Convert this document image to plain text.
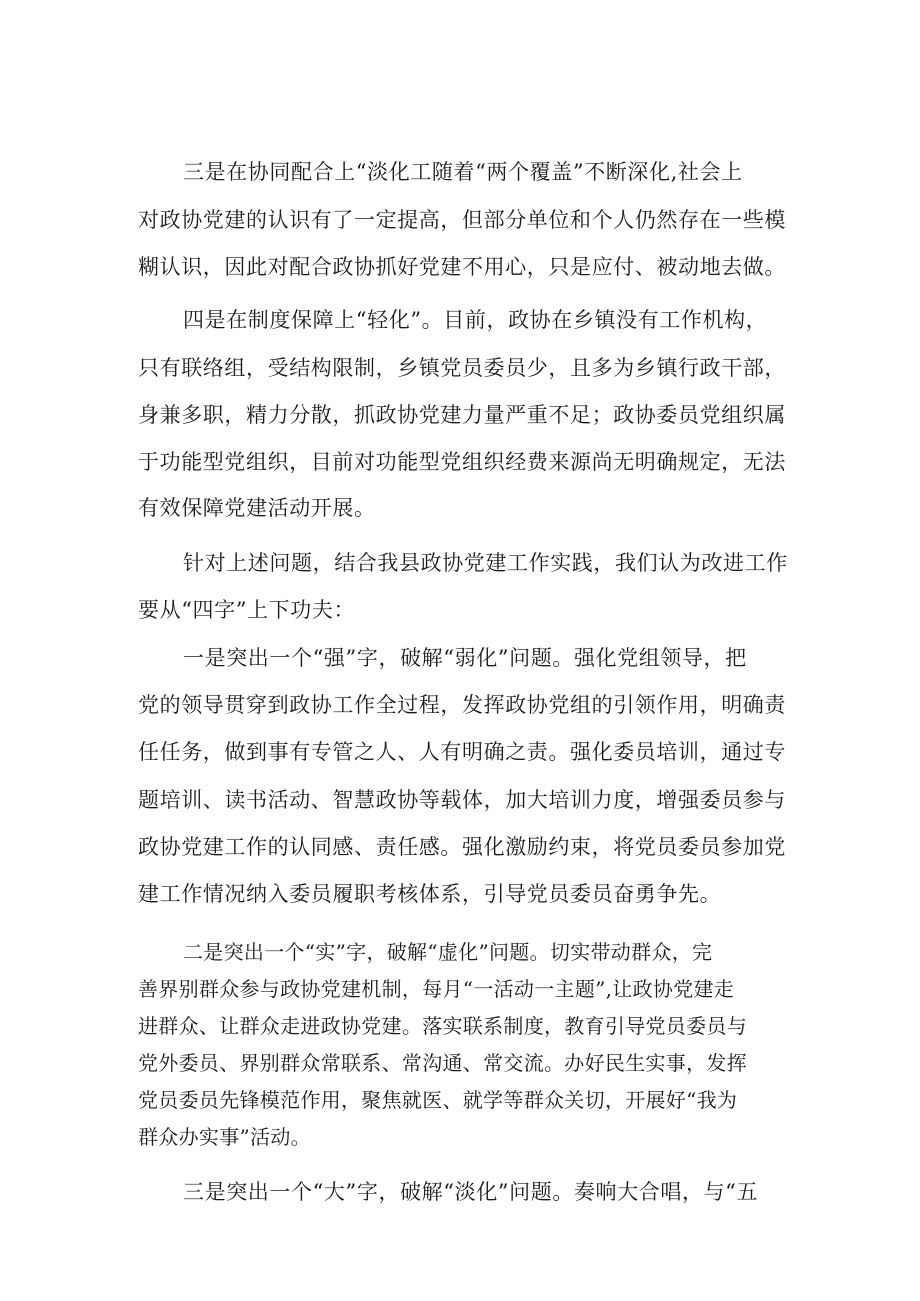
三是在协同配合上“淡化工随着“两个覆盖”不断深化,社会上

对政协党建的认识有了一定提高，但部分单位和个人仍然存在一些模

糊认识，因此对配合政协抓好党建不用心，只是应付、被动地去做。

四是在制度保障上“轻化”。目前，政协在乡镇没有工作机构，

只有联络组，受结构限制，乡镇党员委员少，且多为乡镇行政干部，

身兼多职，精力分散，抓政协党建力量严重不足；政协委员党组织属

于功能型党组织，目前对功能型党组织经费来源尚无明确规定，无法

有效保障党建活动开展。

针对上述问题，结合我县政协党建工作实践，我们认为改进工作

要从“四字”上下功夫：

一是突出一个“强”字，破解“弱化”问题。强化党组领导，把

党的领导贯穿到政协工作全过程，发挥政协党组的引领作用，明确责

任任务，做到事有专管之人、人有明确之责。强化委员培训，通过专

题培训、读书活动、智慧政协等载体，加大培训力度，增强委员参与

政协党建工作的认同感、责任感。强化激励约束，将党员委员参加党

建工作情况纳入委员履职考核体系，引导党员委员奋勇争先。

二是突出一个“实”字，破解“虚化”问题。切实带动群众，完

善界别群众参与政协党建机制，每月“一活动一主题”,让政协党建走

进群众、让群众走进政协党建。落实联系制度，教育引导党员委员与

党外委员、界别群众常联系、常沟通、常交流。办好民生实事，发挥

党员委员先锋模范作用，聚焦就医、就学等群众关切，开展好“我为

群众办实事”活动。

三是突出一个“大”字，破解“淡化”问题。奏响大合唱，与“五
